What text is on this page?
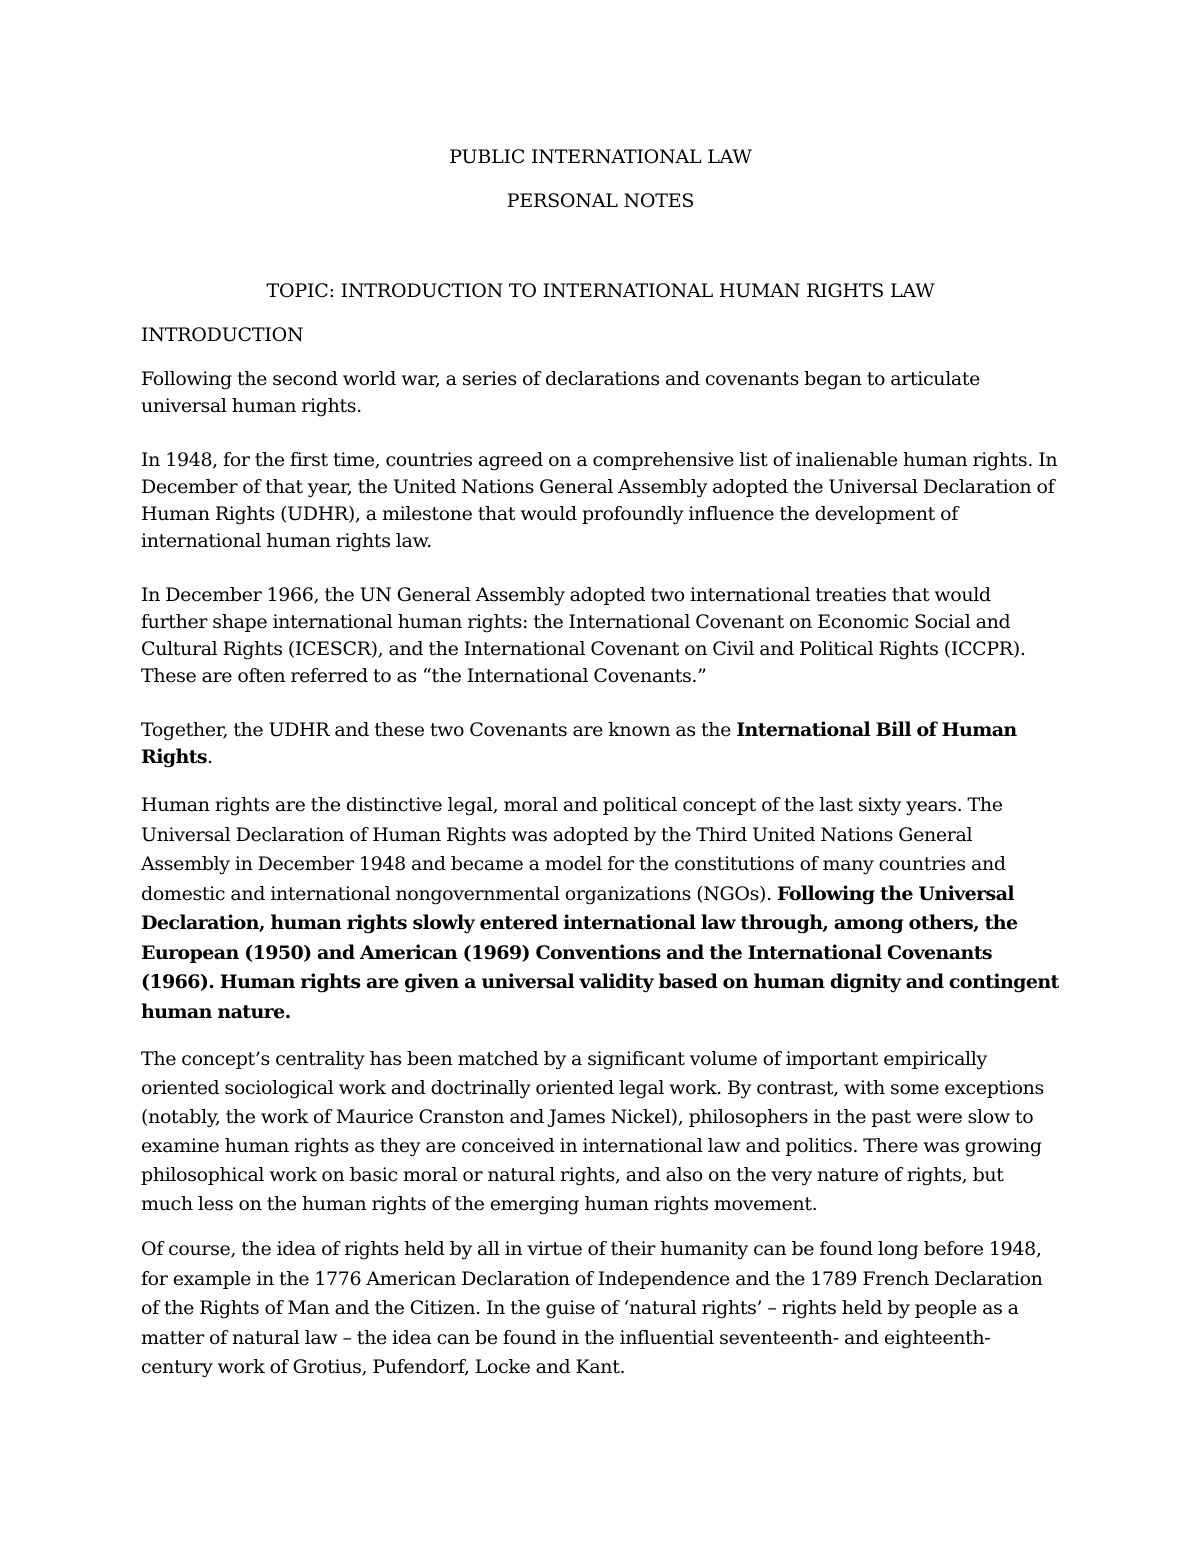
PUBLIC INTERNATIONAL LAW

PERSONAL NOTES

TOPIC: INTRODUCTION TO INTERNATIONAL HUMAN RIGHTS LAW

INTRODUCTION

Following the second world war, a series of declarations and covenants began to articulate universal human rights.

In 1948, for the first time, countries agreed on a comprehensive list of inalienable human rights. In December of that year, the United Nations General Assembly adopted the Universal Declaration of Human Rights (UDHR), a milestone that would profoundly influence the development of international human rights law.

In December 1966, the UN General Assembly adopted two international treaties that would further shape international human rights: the International Covenant on Economic Social and Cultural Rights (ICESCR), and the International Covenant on Civil and Political Rights (ICCPR). These are often referred to as “the International Covenants.”

Together, the UDHR and these two Covenants are known as the International Bill of Human Rights.

Human rights are the distinctive legal, moral and political concept of the last sixty years. The Universal Declaration of Human Rights was adopted by the Third United Nations General Assembly in December 1948 and became a model for the constitutions of many countries and domestic and international nongovernmental organizations (NGOs). Following the Universal Declaration, human rights slowly entered international law through, among others, the European (1950) and American (1969) Conventions and the International Covenants (1966). Human rights are given a universal validity based on human dignity and contingent human nature.

The concept’s centrality has been matched by a significant volume of important empirically oriented sociological work and doctrinally oriented legal work. By contrast, with some exceptions (notably, the work of Maurice Cranston and James Nickel), philosophers in the past were slow to examine human rights as they are conceived in international law and politics. There was growing philosophical work on basic moral or natural rights, and also on the very nature of rights, but much less on the human rights of the emerging human rights movement.

Of course, the idea of rights held by all in virtue of their humanity can be found long before 1948, for example in the 1776 American Declaration of Independence and the 1789 French Declaration of the Rights of Man and the Citizen. In the guise of ‘natural rights’ – rights held by people as a matter of natural law – the idea can be found in the influential seventeenth- and eighteenth-century work of Grotius, Pufendorf, Locke and Kant.
